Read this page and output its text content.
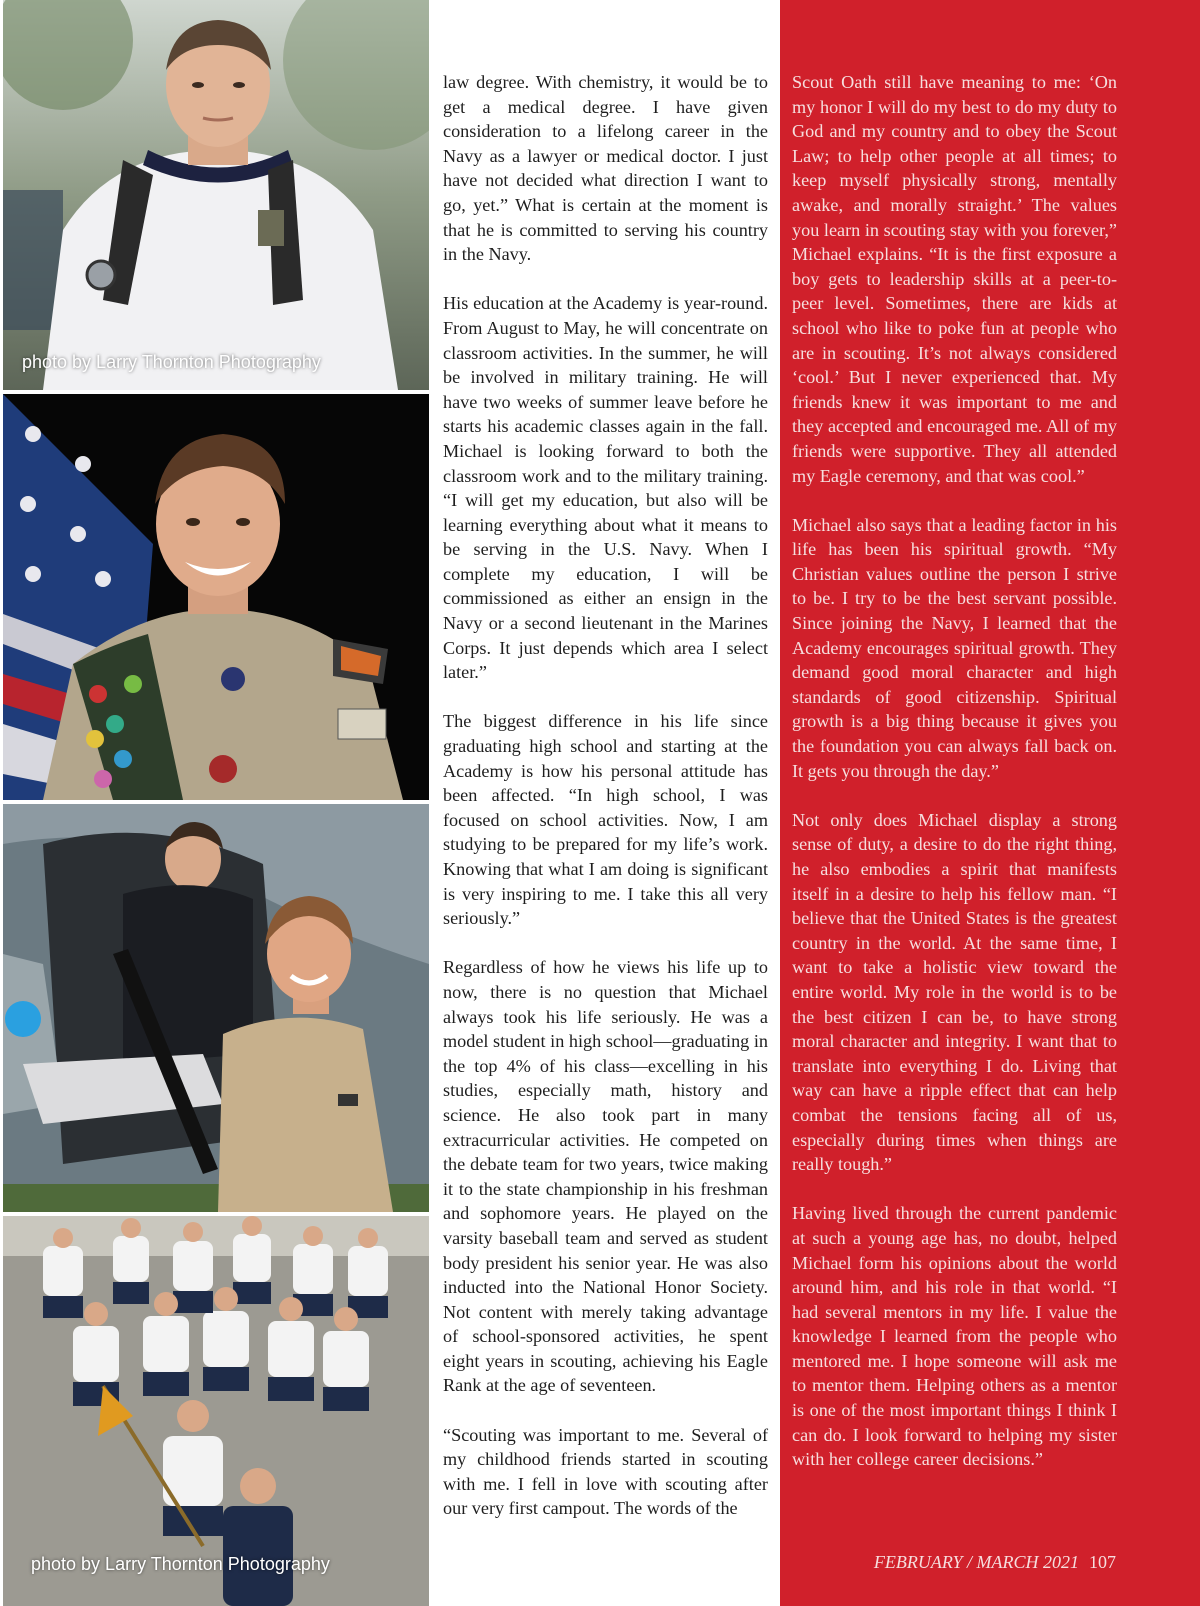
photo by Larry Thornton Photography
photo by Larry Thornton Photography

law degree. With chemistry, it would be to get a medical degree. I have given consideration to a lifelong career in the Navy as a lawyer or medical doctor. I just have not decided what direction I want to go, yet.” What is certain at the moment is that he is committed to serving his country in the Navy.

His education at the Academy is year-round. From August to May, he will concentrate on classroom activities. In the summer, he will be involved in military training. He will have two weeks of summer leave before he starts his academic classes again in the fall. Michael is looking forward to both the classroom work and to the military training. “I will get my education, but also will be learning everything about what it means to be serving in the U.S. Navy. When I complete my education, I will be commissioned as either an ensign in the Navy or a second lieutenant in the Marines Corps. It just depends which area I select later.”

The biggest difference in his life since graduating high school and starting at the Academy is how his personal attitude has been affected. “In high school, I was focused on school activities. Now, I am studying to be prepared for my life’s work. Knowing that what I am doing is significant is very inspiring to me. I take this all very seriously.”

Regardless of how he views his life up to now, there is no question that Michael always took his life seriously. He was a model student in high school—graduating in the top 4% of his class—excelling in his studies, especially math, history and science. He also took part in many extracurricular activities. He competed on the debate team for two years, twice making it to the state championship in his freshman and sophomore years. He played on the varsity baseball team and served as student body president his senior year. He was also inducted into the National Honor Society. Not content with merely taking advantage of school-sponsored activities, he spent eight years in scouting, achieving his Eagle Rank at the age of seventeen.

“Scouting was important to me. Several of my childhood friends started in scouting with me. I fell in love with scouting after our very first campout. The words of the

Scout Oath still have meaning to me: ‘On my honor I will do my best to do my duty to God and my country and to obey the Scout Law; to help other people at all times; to keep myself physically strong, mentally awake, and morally straight.’ The values you learn in scouting stay with you forever,” Michael explains. “It is the first exposure a boy gets to leadership skills at a peer-to-peer level. Sometimes, there are kids at school who like to poke fun at people who are in scouting. It’s not always considered ‘cool.’ But I never experienced that. My friends knew it was important to me and they accepted and encouraged me. All of my friends were supportive. They all attended my Eagle ceremony, and that was cool.”

Michael also says that a leading factor in his life has been his spiritual growth. “My Christian values outline the person I strive to be. I try to be the best servant possible. Since joining the Navy, I learned that the Academy encourages spiritual growth. They demand good moral character and high standards of good citizenship. Spiritual growth is a big thing because it gives you the foundation you can always fall back on. It gets you through the day.”

Not only does Michael display a strong sense of duty, a desire to do the right thing, he also embodies a spirit that manifests itself in a desire to help his fellow man. “I believe that the United States is the greatest country in the world. At the same time, I want to take a holistic view toward the entire world. My role in the world is to be the best citizen I can be, to have strong moral character and integrity. I want that to translate into everything I do. Living that way can have a ripple effect that can help combat the tensions facing all of us, especially during times when things are really tough.”

Having lived through the current pandemic at such a young age has, no doubt, helped Michael form his opinions about the world around him, and his role in that world. “I had several mentors in my life. I value the knowledge I learned from the people who mentored me. I hope someone will ask me to mentor them. Helping others as a mentor is one of the most important things I think I can do. I look forward to helping my sister with her college career decisions.”

FEBRUARY / MARCH 2021 107
